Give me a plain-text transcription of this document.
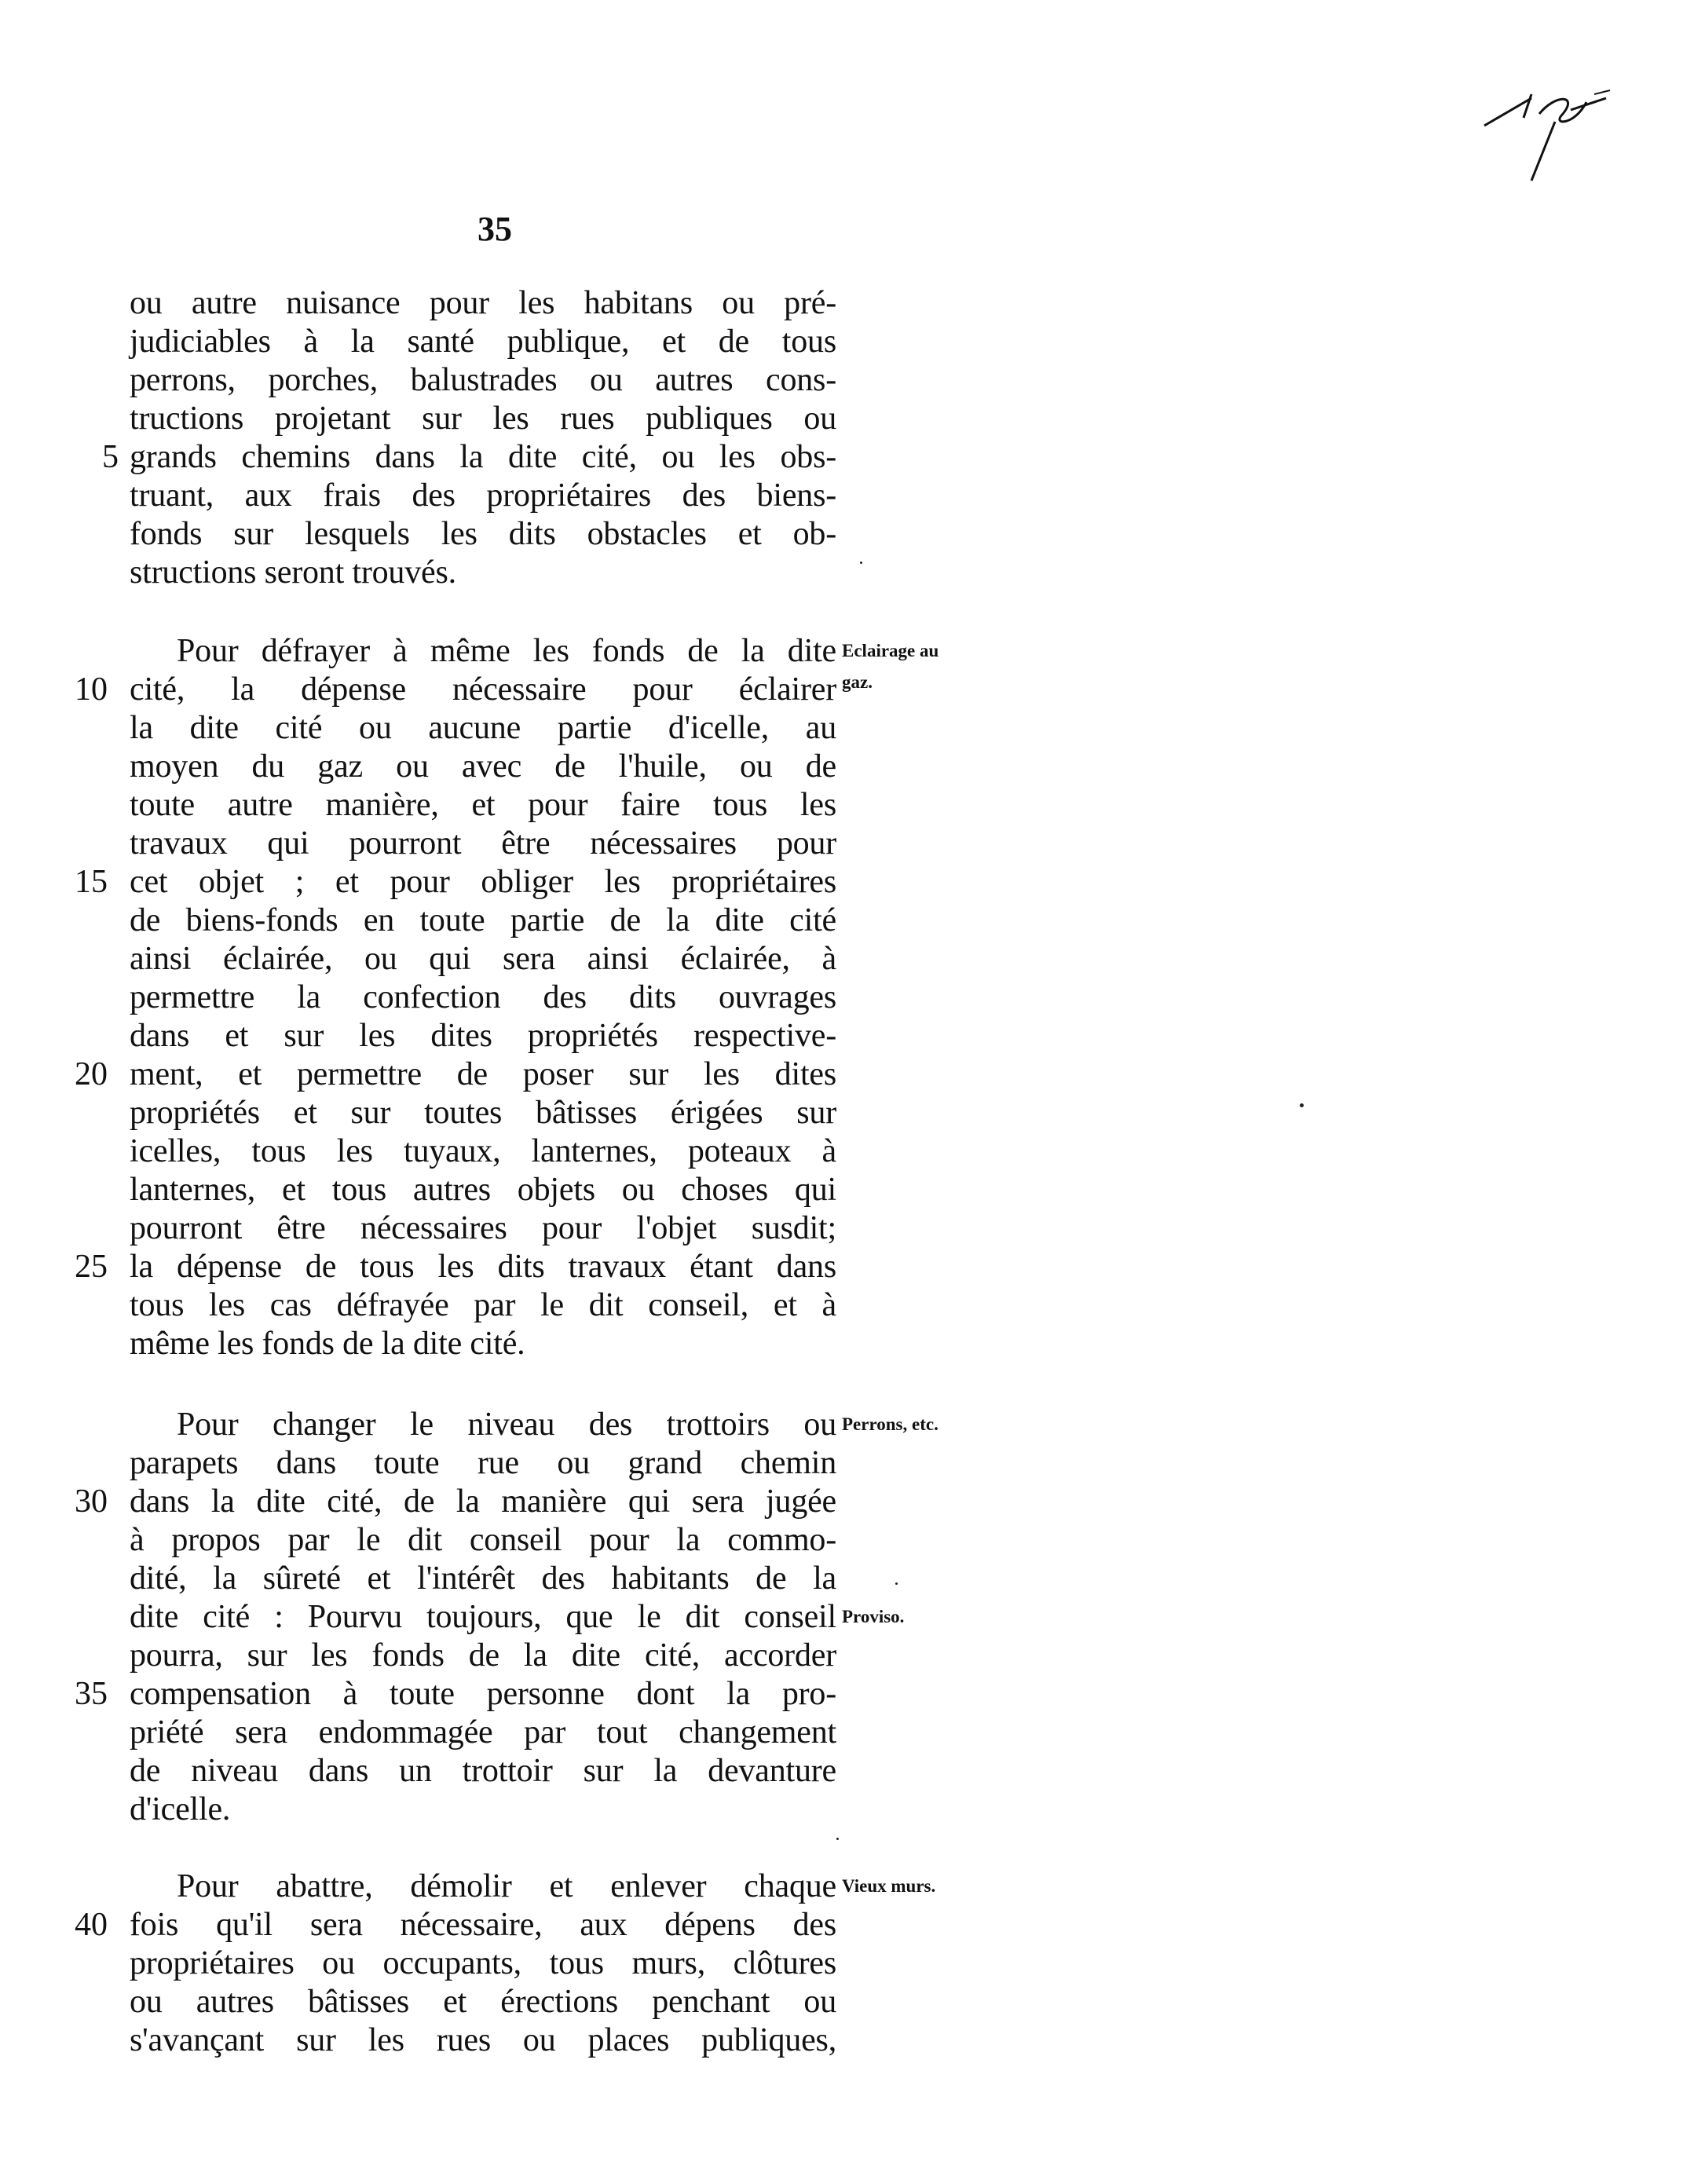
35
ou autre nuisance pour les habitans ou pré-
judiciables à la santé publique, et de tous
perrons, porches, balustrades ou autres cons-
tructions projetant sur les rues publiques ou
5 grands chemins dans la dite cité, ou les obs-
truant, aux frais des propriétaires des biens-
fonds sur lesquels les dits obstacles et ob-
structions seront trouvés.
Pour défrayer à même les fonds de la dite Eclairage au
gaz.
10 cité, la dépense nécessaire pour éclairer
la dite cité ou aucune partie d'icelle, au
moyen du gaz ou avec de l'huile, ou de
toute autre manière, et pour faire tous les
travaux qui pourront être nécessaires pour
15 cet objet ; et pour obliger les propriétaires
de biens-fonds en toute partie de la dite cité
ainsi éclairée, ou qui sera ainsi éclairée, à
permettre la confection des dits ouvrages
dans et sur les dites propriétés respective-
20 ment, et permettre de poser sur les dites
propriétés et sur toutes bâtisses érigées sur
icelles, tous les tuyaux, lanternes, poteaux à
lanternes, et tous autres objets ou choses qui
pourront être nécessaires pour l'objet susdit;
25 la dépense de tous les dits travaux étant dans
tous les cas défrayée par le dit conseil, et à
même les fonds de la dite cité.
Pour changer le niveau des trottoirs ou Perrons, etc.
parapets dans toute rue ou grand chemin
30 dans la dite cité, de la manière qui sera jugée
à propos par le dit conseil pour la commo-
dité, la sûreté et l'intérêt des habitants de la
dite cité : Pourvu toujours, que le dit conseil Proviso.
pourra, sur les fonds de la dite cité, accorder
35 compensation à toute personne dont la pro-
priété sera endommagée par tout changement
de niveau dans un trottoir sur la devanture
d'icelle.
Pour abattre, démolir et enlever chaque Vieux murs.
40 fois qu'il sera nécessaire, aux dépens des
propriétaires ou occupants, tous murs, clôtures
ou autres bâtisses et érections penchant ou
s'avançant sur les rues ou places publiques,
